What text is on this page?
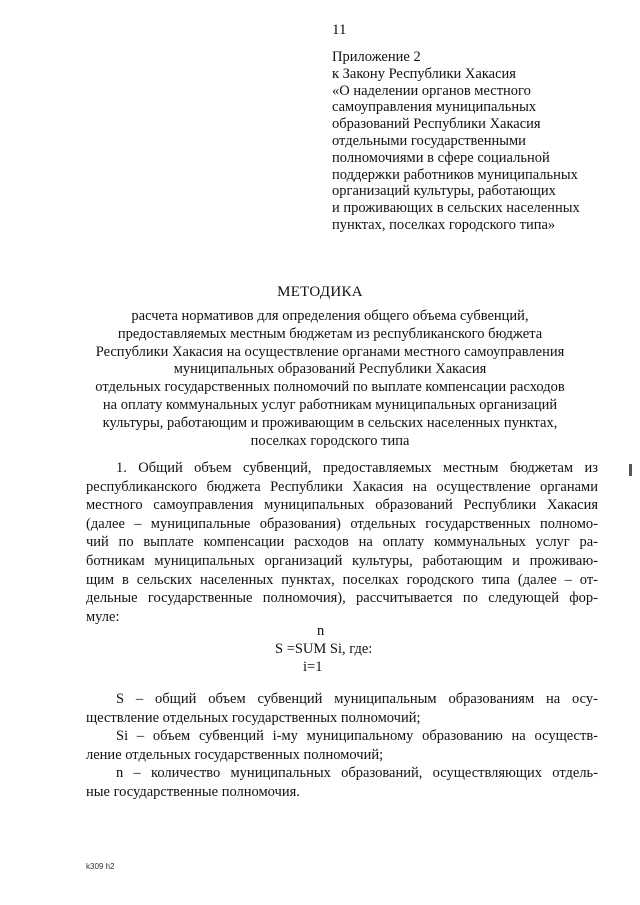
11
Приложение 2
к Закону Республики Хакасия
«О наделении органов местного
самоуправления муниципальных
образований Республики Хакасия
отдельными государственными
полномочиями в сфере социальной
поддержки работников муниципальных
организаций культуры, работающих
и проживающих в сельских населенных
пунктах, поселках городского типа»
МЕТОДИКА
расчета нормативов для определения общего объема субвенций,
предоставляемых местным бюджетам из республиканского бюджета
Республики Хакасия на осуществление органами местного самоуправления
муниципальных образований Республики Хакасия
отдельных государственных полномочий по выплате компенсации расходов
на оплату коммунальных услуг работникам муниципальных организаций
культуры, работающим и проживающим в сельских населенных пунктах,
поселках городского типа
1. Общий объем субвенций, предоставляемых местным бюджетам из
республиканского бюджета Республики Хакасия на осуществление органами
местного самоуправления муниципальных образований Республики Хакасия
(далее – муниципальные образования) отдельных государственных полномо-
чий по выплате компенсации расходов на оплату коммунальных услуг ра-
ботникам муниципальных организаций культуры, работающим и проживаю-
щим в сельских населенных пунктах, поселках городского типа (далее – от-
дельные государственные полномочия), рассчитывается по следующей фор-
муле:
n
S =SUM Si, где:
i=1
S – общий объем субвенций муниципальным образованиям на осу-
ществление отдельных государственных полномочий;
Si – объем субвенций i-му муниципальному образованию на осуществ-
ление отдельных государственных полномочий;
n – количество муниципальных образований, осуществляющих отдель-
ные государственные полномочия.
k309 h2
